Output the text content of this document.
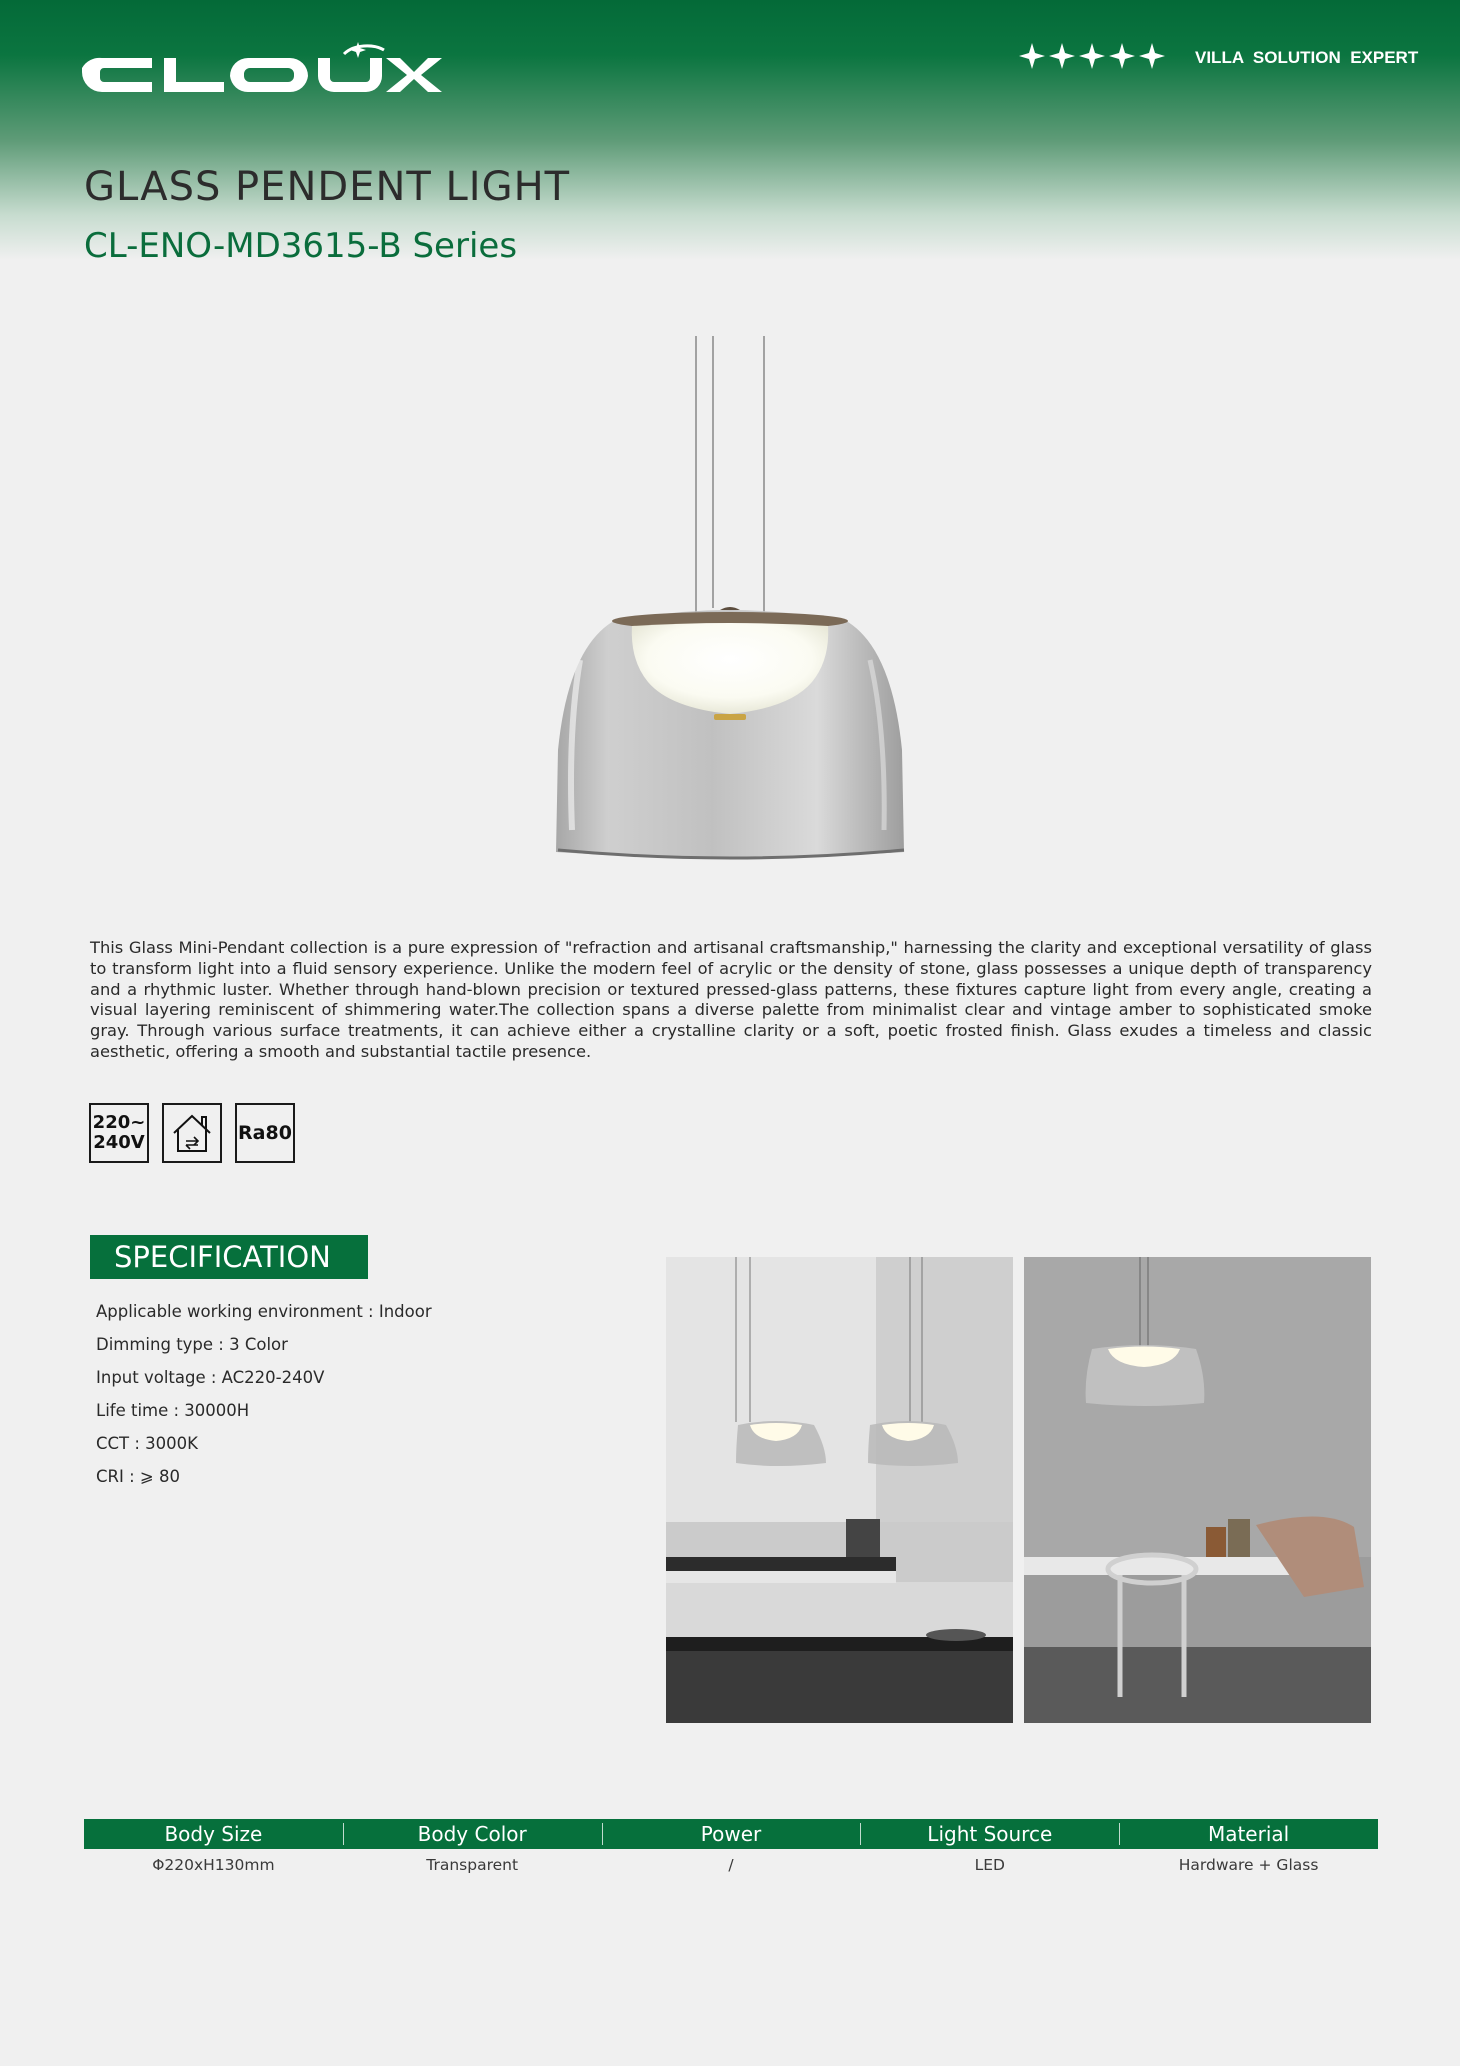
VILLA  SOLUTION  EXPERT
GLASS PENDENT LIGHT
CL-ENO-MD3615-B Series

This Glass Mini-Pendant collection is a pure expression of "refraction and artisanal craftsmanship," harnessing the clarity and exceptional versatility of glass to transform light into a fluid sensory experience. Unlike the modern feel of acrylic or the density of stone, glass possesses a unique depth of transparency and a rhythmic luster. Whether through hand-blown precision or textured pressed-glass patterns, these fixtures capture light from every angle, creating a visual layering reminiscent of shimmering water.The collection spans a diverse palette from minimalist clear and vintage amber to sophisticated smoke gray. Through various surface treatments, it can achieve either a crystalline clarity or a soft, poetic frosted finish. Glass exudes a timeless and classic aesthetic, offering a smooth and substantial tactile presence.

220~
240V	Ra80
SPECIFICATION
Applicable working environment : Indoor
Dimming type : 3 Color
Input voltage : AC220-240V
Life time : 30000H
CCT : 3000K
CRI : ⩾ 80
Body Size	Body Color	Power	Light Source	Material
Φ220xH130mm	Transparent	/	LED	Hardware + Glass
